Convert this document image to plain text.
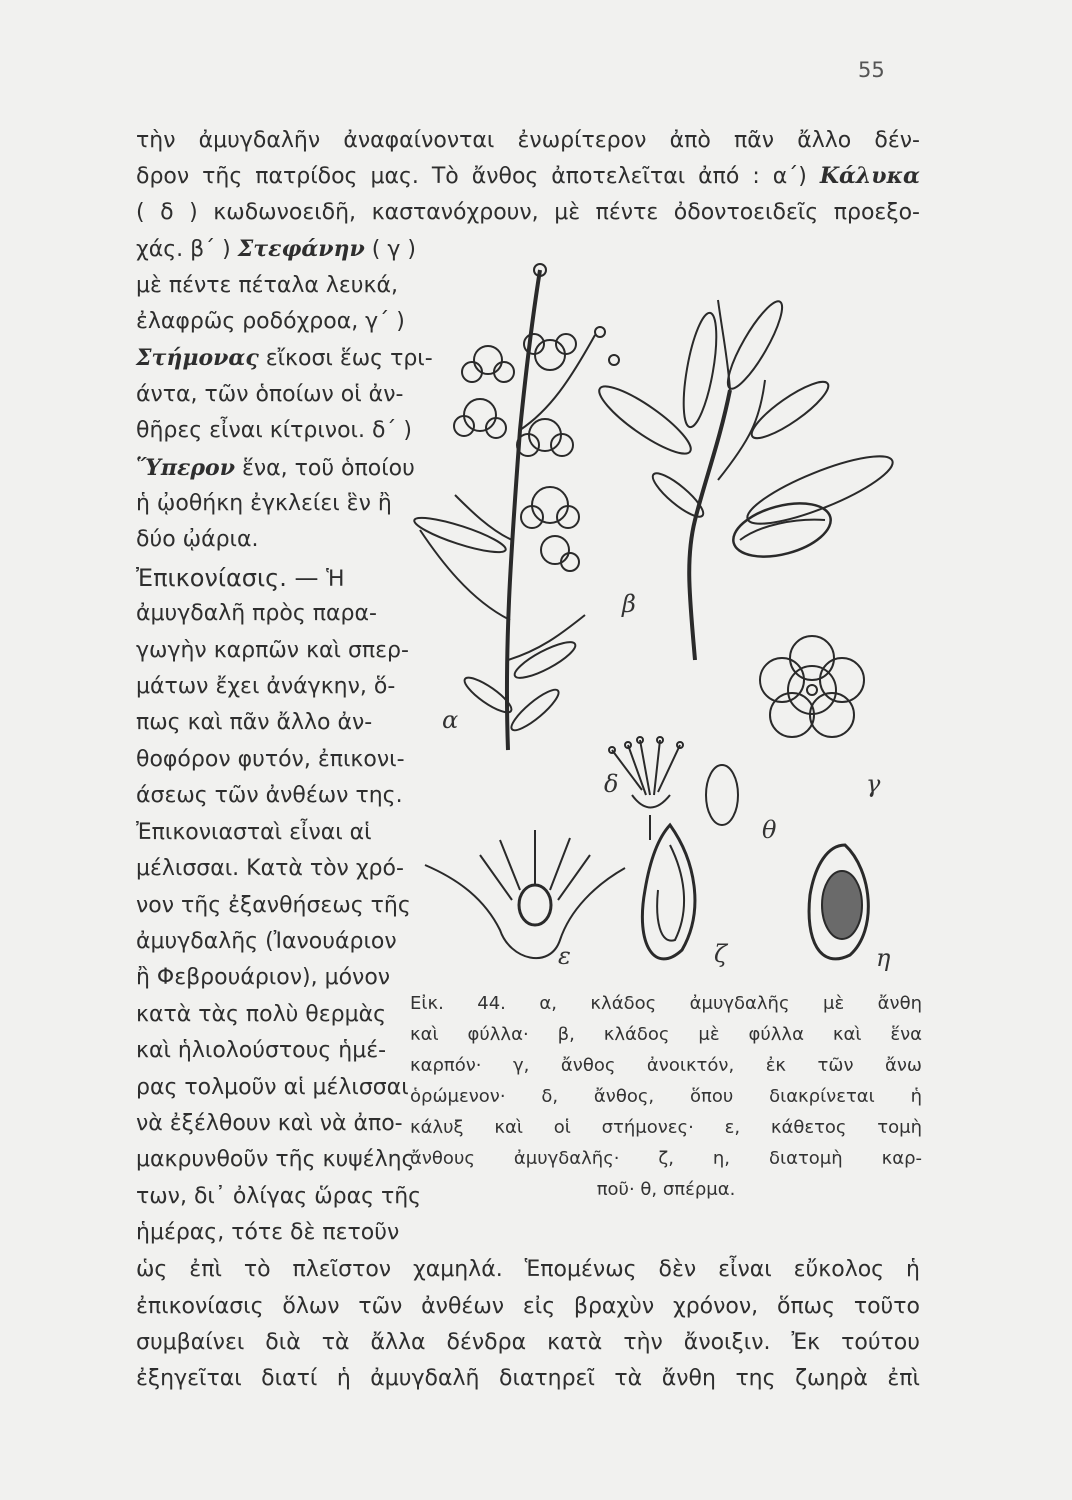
55
τὴν ἀμυγδαλῆν ἀναφαίνονται ἐνωρίτερον ἀπὸ πᾶν ἄλλο δέν-
δρον τῆς πατρίδος μας. Τὸ ἄνθος ἀποτελεῖται ἀπό : α΄) Κάλυκα
( δ ) κωδωνοειδῆ, καστανόχρουν, μὲ πέντε ὀδοντοειδεῖς προεξο-
χάς. β΄ ) Στεφάνην ( γ )
μὲ πέντε πέταλα λευκά,
ἐλαφρῶς ροδόχροα, γ΄ )
Στήμονας εἴκοσι ἕως τρι-
άντα, τῶν ὁποίων οἱ ἀν-
θῆρες εἶναι κίτρινοι. δ΄ )
Ὕπερον ἕνα, τοῦ ὁποίου
ἡ ᾠοθήκη ἐγκλείει ἓν ἢ
δύο ᾠάρια.
Ἐπικονίασις. — Ἡ
ἀμυγδαλῆ πρὸς παρα-
γωγὴν καρπῶν καὶ σπερ-
μάτων ἔχει ἀνάγκην, ὅ-
πως καὶ πᾶν ἄλλο ἀν-
θοφόρον φυτόν, ἐπικονι-
άσεως τῶν ἀνθέων της.
Ἐπικονιασταὶ εἶναι αἱ
μέλισσαι. Κατὰ τὸν χρό-
νον τῆς ἐξανθήσεως τῆς
ἀμυγδαλῆς (Ἰανουάριον
ἢ Φεβρουάριον), μόνον
κατὰ τὰς πολὺ θερμὰς
καὶ ἡλιολούστους ἡμέ-
ρας τολμοῦν αἱ μέλισσαι
νὰ ἐξέλθουν καὶ νὰ ἀπο-
μακρυνθοῦν τῆς κυψέλης
των, δι᾽ ὀλίγας ὥρας τῆς
ἡμέρας, τότε δὲ πετοῦν
ὡς ἐπὶ τὸ πλεῖστον χαμηλά. Ἑπομένως δὲν εἶναι εὔκολος ἡ
ἐπικονίασις ὅλων τῶν ἀνθέων εἰς βραχὺν χρόνον, ὅπως τοῦτο
συμβαίνει διὰ τὰ ἄλλα δένδρα κατὰ τὴν ἄνοιξιν. Ἐκ τούτου
ἐξηγεῖται διατί ἡ ἀμυγδαλῆ διατηρεῖ τὰ ἄνθη της ζωηρὰ ἐπὶ
α
β
γ
δ
ε	ζ	η
θ
Εἰκ. 44. α, κλάδος ἀμυγδαλῆς μὲ ἄνθη
καὶ φύλλα· β, κλάδος μὲ φύλλα καὶ ἕνα
καρπόν· γ, ἄνθος ἀνοικτόν, ἐκ τῶν ἄνω
ὁρώμενον· δ, ἄνθος, ὅπου διακρίνεται ἡ
κάλυξ καὶ οἱ στήμονες· ε, κάθετος τομὴ
ἄνθους ἀμυγδαλῆς· ζ, η, διατομὴ καρ-
ποῦ· θ, σπέρμα.
